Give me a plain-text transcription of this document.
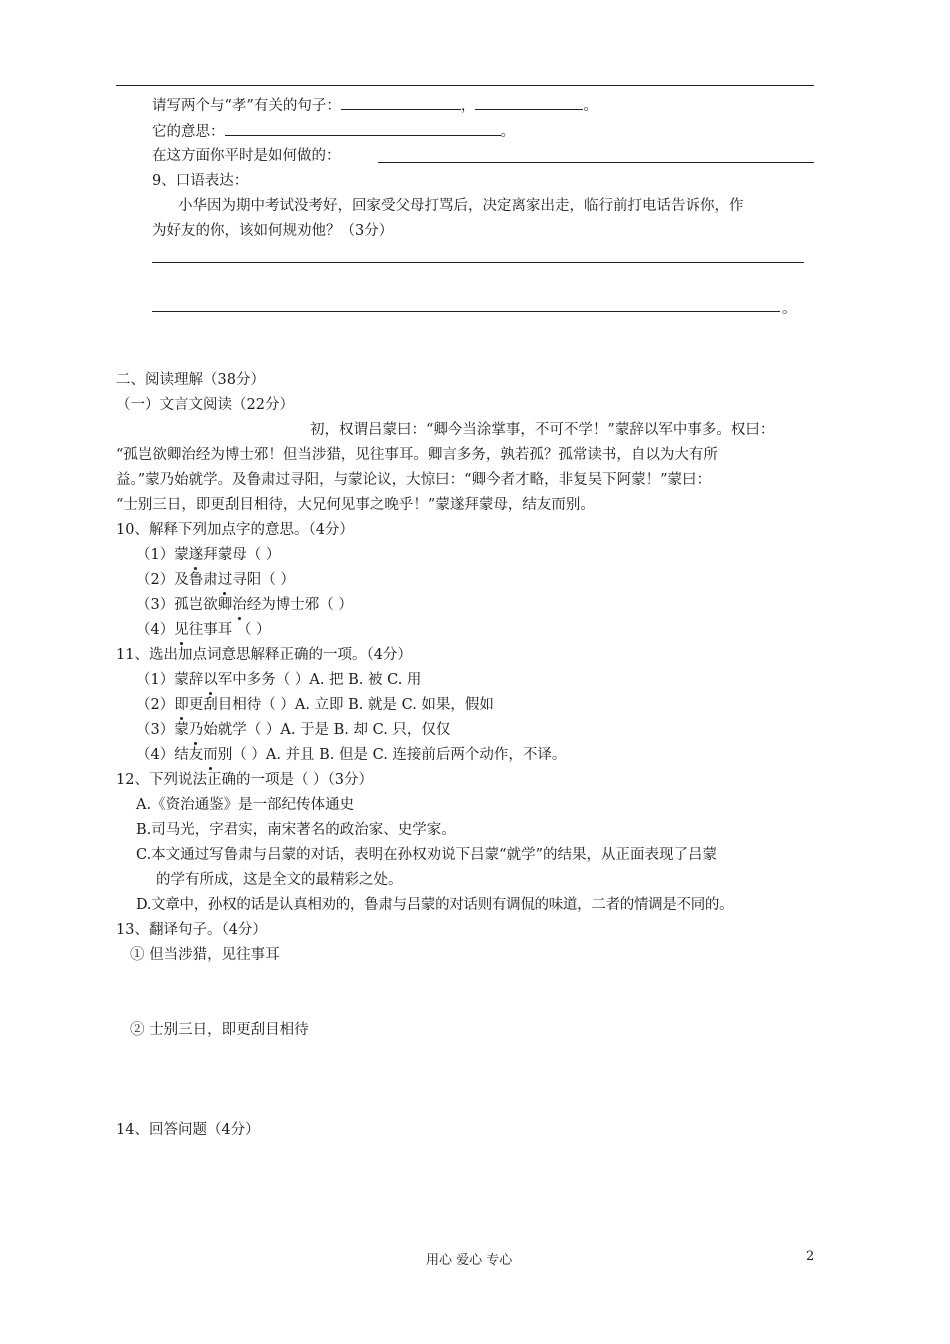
请写两个与“孝”有关的句子：	，	。
它的意思：	。
在这方面你平时是如何做的：
9、口语表达：
小华因为期中考试没考好，回家受父母打骂后，决定离家出走，临行前打电话告诉你，作
为好友的你，该如何规劝他？（3分）
。
二、阅读理解（38分）
（一）文言文阅读（22分）
初，权谓吕蒙曰：“卿今当涂掌事，不可不学！”蒙辞以军中事多。权曰：
“孤岂欲卿治经为博士邪！但当涉猎，见往事耳。卿言多务，孰若孤？孤常读书，自以为大有所
益。”蒙乃始就学。及鲁肃过寻阳，与蒙论议，大惊曰：“卿今者才略，非复吴下阿蒙！”蒙曰：
“士别三日，即更刮目相待，大兄何见事之晚乎！”蒙遂拜蒙母，结友而别。
10、解释下列加点字的意思。（4分）
（1）蒙遂拜蒙母（ ）
（2）及鲁肃过寻阳（ ）
（3）孤岂欲卿治经为博士邪（ ）
（4）见往事耳 （ ）
11、选出加点词意思解释正确的一项。（4分）
（1）蒙辞以军中多务（ ）A. 把 B. 被 C. 用
（2）即更刮目相待（ ）A. 立即 B. 就是 C. 如果，假如
（3）蒙乃始就学（ ）A. 于是 B. 却 C. 只，仅仅
（4）结友而别（ ）A. 并且 B. 但是 C. 连接前后两个动作，不译。
12、下列说法正确的一项是（ ）（3分）
A.《资治通鉴》是一部纪传体通史
B.司马光，字君实，南宋著名的政治家、史学家。
C.本文通过写鲁肃与吕蒙的对话，表明在孙权劝说下吕蒙“就学”的结果，从正面表现了吕蒙
的学有所成，这是全文的最精彩之处。
D.文章中，孙权的话是认真相劝的，鲁肃与吕蒙的对话则有调侃的味道，二者的情调是不同的。
13、翻译句子。（4分）
① 但当涉猎，见往事耳
② 士别三日，即更刮目相待
14、回答问题（4分）
用心 爱心 专心	2
